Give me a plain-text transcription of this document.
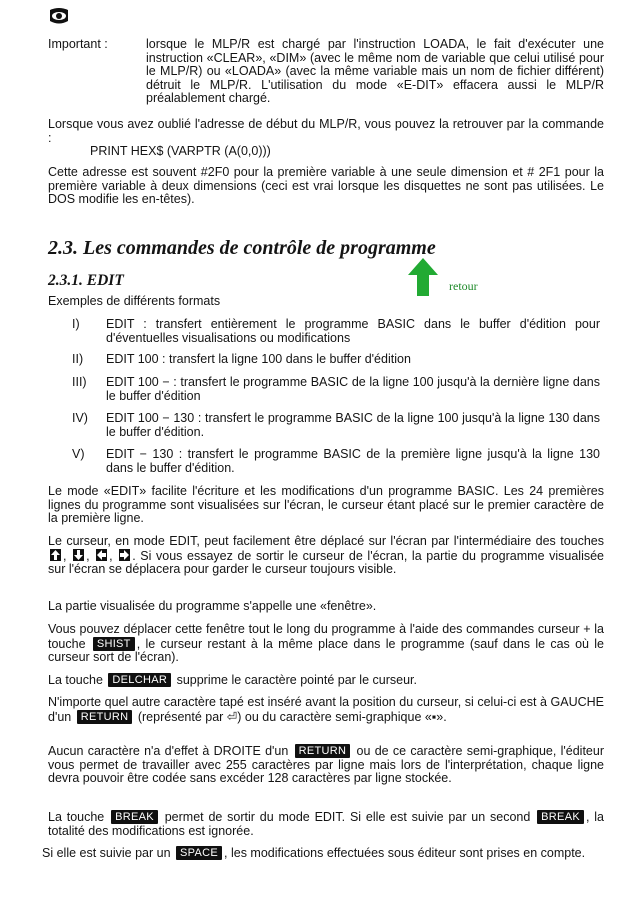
Important :	lorsque le MLP/R est chargé par l'instruction LOADA, le fait d'exécuter une instruction «CLEAR», «DIM» (avec le même nom de variable que celui utilisé pour le MLP/R) ou «LOADA» (avec la même variable mais un nom de fichier différent) détruit le MLP/R. L'utilisation du mode «E-DIT» effacera aussi le MLP/R préalablement chargé.

Lorsque vous avez oublié l'adresse de début du MLP/R, vous pouvez la retrouver par la commande :

PRINT HEX$ (VARPTR (A(0,0)))

Cette adresse est souvent #2F0 pour la première variable à une seule dimension et # 2F1 pour la première variable à deux dimensions (ceci est vrai lorsque les disquettes ne sont pas utilisées. Le DOS modifie les en-têtes).

2.3. Les commandes de contrôle de programme
2.3.1. EDIT	retour

Exemples de différents formats

I) EDIT : transfert entièrement le programme BASIC dans le buffer d'édition pour d'éventuelles visualisations ou modifications

II) EDIT 100 : transfert la ligne 100 dans le buffer d'édition

III) EDIT 100 − : transfert le programme BASIC de la ligne 100 jusqu'à la dernière ligne dans le buffer d'édition

IV) EDIT 100 − 130 : transfert le programme BASIC de la ligne 100 jusqu'à la ligne 130 dans le buffer d'édition.

V) EDIT − 130 : transfert le programme BASIC de la première ligne jusqu'à la ligne 130 dans le buffer d'édition.

Le mode «EDIT» facilite l'écriture et les modifications d'un programme BASIC. Les 24 premières lignes du programme sont visualisées sur l'écran, le curseur étant placé sur le premier caractère de la première ligne.

Le curseur, en mode EDIT, peut facilement être déplacé sur l'écran par l'intermédiaire des touches
,
,
,
. Si vous essayez de sortir le curseur de l'écran, la partie du programme visualisée sur l'écran se déplacera pour garder le curseur toujours visible.

La partie visualisée du programme s'appelle une «fenêtre».

Vous pouvez déplacer cette fenêtre tout le long du programme à l'aide des commandes curseur + la touche SHIST , le curseur restant à la même place dans le programme (sauf dans le cas où le curseur sort de l'écran).

La touche DELCHAR supprime le caractère pointé par le curseur.

N'importe quel autre caractère tapé est inséré avant la position du curseur, si celui-ci est à GAUCHE d'un RETURN (représenté par ⏎) ou du caractère semi-graphique «▪».

Aucun caractère n'a d'effet à DROITE d'un RETURN ou de ce caractère semi-graphique, l'éditeur vous permet de travailler avec 255 caractères par ligne mais lors de l'interprétation, chaque ligne devra pouvoir être codée sans excéder 128 caractères par ligne stockée.

La touche BREAK permet de sortir du mode EDIT. Si elle est suivie par un second BREAK , la totalité des modifications est ignorée.

Si elle est suivie par un SPACE , les modifications effectuées sous éditeur sont prises en compte.
